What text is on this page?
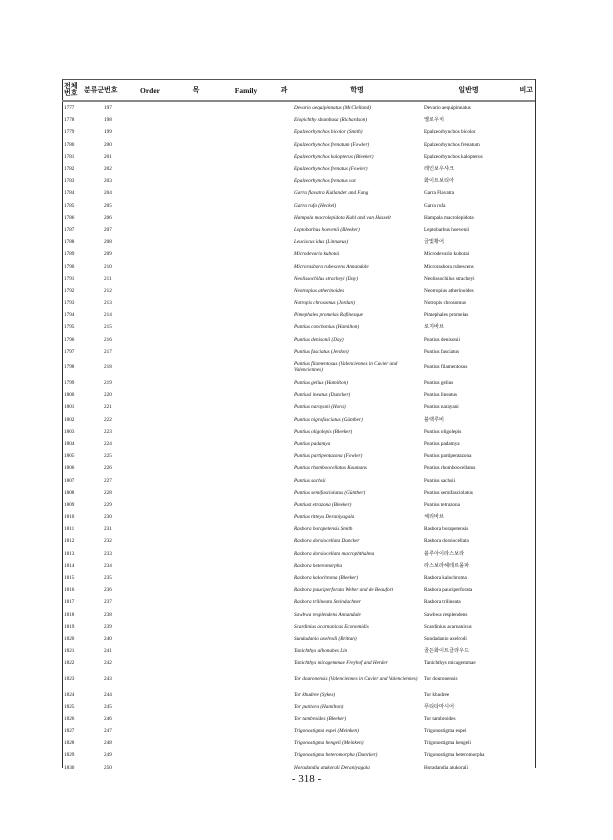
전체번호	분류군	번호	Order	목	Family	과	학명	일반명	비고
1777		197					Devario aequipinnatus (McClelland)	Devario aequipinnatus	
1778		198					Elopichthy sbambusa (Richardson)	옐로우치	
1779		199					Epalzeorhynchos bicolor (Smith)	Epalzeorhynchos bicolor	
1780		200					Epalzeorhynchos frenatum (Fowler)	Epalzeorhynchos frenatum	
1781		201					Epalzeorhynchos kalopterus (Bleeker)	Epalzeorhynchos kalopterus	
1782		202					Epalzeorhynchos frenatus (Fowler)	레인보우샤크	
1783		203					Epalzeorhynchos frenatus var.	화이트보티아	
1784		204					Garra flavatra Kullander and Fang	Garra Flavatra	
1785		205					Garra rufa (Heckel)	Garra rufa	
1786		206					Hampala macrolepidota Kuhl and van Hasselt	Hampala macrolepidota	
1787		207					Leptobarbus hoevenii (Bleeker)	Leptobarbus hoevenii	
1788		208					Leuciscus idus (Linnaeus)	금빛황어	
1789		209					Microdevario kubotai	Microdevario kubotai	
1790		210					Microrasbora rubescens Annandale	Microrasbora rubescens	
1791		211					Neolissochilus stracheyi (Day)	Neolissochilus stracheyi	
1792		212					Neotropius atherinoides	Neotropius atherinoides	
1793		213					Notropis chrosomus (Jordan)	Notropis chrosomus	
1794		214					Pimephales promelas Rafinesque	Pimephales promelas	
1795		215					Puntius conchonius (Hamilton)	로지바브	
1796		216					Puntius denisonii (Day)	Puntius denisonii	
1797		217					Puntius fasciatus (Jerdon)	Puntius fasciatus	
1798		218					Puntius filamentosus (Valenciennes in Cuvier and Valenciennes)	Puntius filamentosus	
1799		219					Puntius gelius (Hamilton)	Puntius gelius	
1800		220					Puntiusl ineatus (Duncker)	Puntius lineatus	
1801		221					Puntius narayani (Hora)	Puntius narayani	
1802		222					Puntius nigrofasciatus (Günther)	블랙루비	
1803		223					Puntius oligolepis (Bleeker)	Puntius oligolepis	
1804		224					Puntius padamya	Puntius padamya	
1805		225					Puntius partipentazona (Fowler)	Puntius partipentazona	
1806		226					Puntius rhomboocellatus Koumans	Puntius rhomboocellatus	
1807		227					Puntius sachsii	Puntius sachsii	
1808		228					Puntius semifasciolatus (Günther)	Puntius semifasciolatus	
1809		229					Puntiust etrazona (Bleeker)	Puntius tetrazona	
1810		230					Puntius titteya Deraniyagala	체리바브	
1811		231					Rasbora borapetensis Smith	Rasbora borapetensis	
1812		232					Rasbora dorsiocellata Duncker	Rasbora dorsiocellata	
1813		233					Rasbora dorsiocellata macrophthalma	블루아이라스보라	
1814		234					Rasbora heteromorpha	라스보라헤테르몰파	
1815		235					Rasbora kalochroma (Bleeker)	Rasbora kalochroma	
1816		236					Rasbora pauciperforata Weber and de Beaufort	Rasbora pauciperforata	
1817		237					Rasbora trilineata Steindachner	Rasbora trilineata	
1818		238					Sawbwa resplendens Annandale	Sawbwa resplendens	
1819		239					Scardinius acarnanicus Economidis	Scardinius acarnanicus	
1820		240					Sundadanio axelrodi (Brittan)	Sundadanio axelrodi	
1821		241					Tanichthys albonubes Lin	골든화이트클라우드	
1822		242					Tanichthys micagemmae Freyhof and Herder	Tanichthys micagemmae	
1823		243					Tor douronensis (Valenciennes in Cuvier and Valenciennes)	Tor douronensis	
1824		244					Tor khudree (Sykes)	Tor khudree	
1825		245					Tor putitora (Hamilton)	푸티타마시어	
1826		246					Tor tambroides (Bleeker)	Tor tambroides	
1827		247					Trigonostigma espei (Meinken)	Trigonostigma espei	
1828		248					Trigonostigma hengeli (Meinken)	Trigonostigma hengeli	
1829		249					Trigonostigma heteromorpha (Duncker)	Trigonostigma heteromorpha	
1830		250					Horadandia atukorali Deraniyagala	Horadandia atukorali	
- 318 -
